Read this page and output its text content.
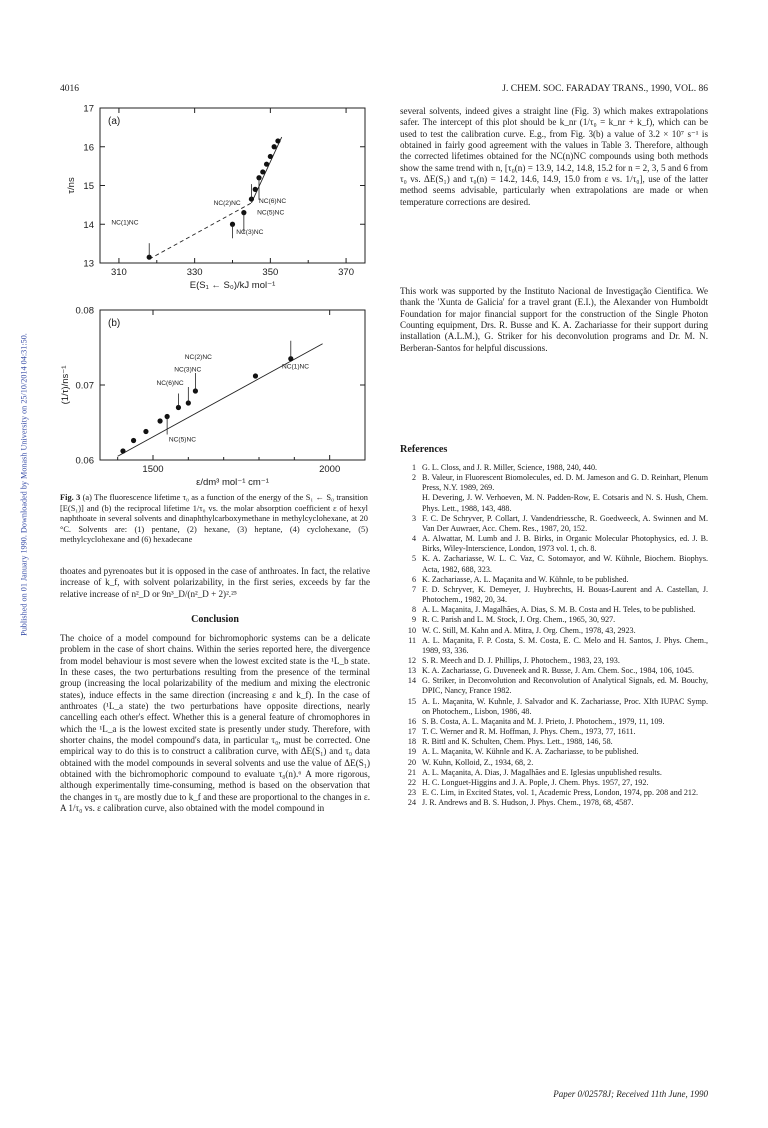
4016	J. CHEM. SOC. FARADAY TRANS., 1990, VOL. 86
Published on 01 January 1990. Downloaded by Monash University on 25/10/2014 04:31:50.
310	330	350	370
13
14
15
16
17
E(S₁ ← S₀)/kJ mol⁻¹
τ/ns
(a)
NC(1)NC
NC(2)NC
NC(3)NC
NC(5)NC
NC(6)NC
1500	2000
0.06
0.07
0.08
ε/dm³ mol⁻¹ cm⁻¹
(1/τ)/ns⁻¹
(b)
NC(1)NC
NC(2)NC
NC(3)NC
NC(5)NC
NC(6)NC
Fig. 3 (a) The fluorescence lifetime τ₀ as a function of the energy of the S₁ ← S₀ transition [E(S₁)] and (b) the reciprocal lifetime 1/τ₀ vs. the molar absorption coefficient ε of hexyl naphthoate in several solvents and dinaphthylcarboxymethane in methylcyclohexane, at 20 °C. Solvents are: (1) pentane, (2) hexane, (3) heptane, (4) cyclohexane, (5) methylcyclohexane and (6) hexadecane
thoates and pyrenoates but it is opposed in the case of anthroates. In fact, the relative increase of k_f, with solvent polarizability, in the first series, exceeds by far the relative increase of n²_D or 9n³_D/(n²_D + 2)².²⁵
Conclusion
The choice of a model compound for bichromophoric systems can be a delicate problem in the case of short chains. Within the series reported here, the divergence from model behaviour is most severe when the lowest excited state is the ¹L_b state. In these cases, the two perturbations resulting from the presence of the terminal group (increasing the local polarizability of the medium and mixing the electronic states), induce effects in the same direction (increasing ε and k_f). In the case of anthroates (¹L_a state) the two perturbations have opposite directions, nearly cancelling each other's effect. Whether this is a general feature of chromophores in which the ¹L_a is the lowest excited state is presently under study. Therefore, with shorter chains, the model compound's data, in particular τ₀, must be corrected. One empirical way to do this is to construct a calibration curve, with ΔE(S₁) and τ₀ data obtained with the model compounds in several solvents and use the value of ΔE(S₁) obtained with the bichromophoric compound to evaluate τ₀(n).⁶ A more rigorous, although experimentally time-consuming, method is based on the observation that the changes in τ₀ are mostly due to k_f and these are proportional to the changes in ε. A 1/τ₀ vs. ε calibration curve, also obtained with the model compound in
several solvents, indeed gives a straight line (Fig. 3) which makes extrapolations safer. The intercept of this plot should be k_nr (1/τ₀ = k_nr + k_f), which can be used to test the calibration curve. E.g., from Fig. 3(b) a value of 3.2 × 10⁷ s⁻¹ is obtained in fairly good agreement with the values in Table 3. Therefore, although the corrected lifetimes obtained for the NC(n)NC compounds using both methods show the same trend with n, [τ₀(n) = 13.9, 14.2, 14.8, 15.2 for n = 2, 3, 5 and 6 from τ₀ vs. ΔE(S₁) and τ₀(n) = 14.2, 14.6, 14.9, 15.0 from ε vs. 1/τ₀], use of the latter method seems advisable, particularly when extrapolations are made or when temperature corrections are desired.
This work was supported by the Instituto Nacional de Investigação Cientifica. We thank the 'Xunta de Galicia' for a travel grant (E.I.), the Alexander von Humboldt Foundation for major financial support for the construction of the Single Photon Counting equipment, Drs. R. Busse and K. A. Zachariasse for their support during installation (A.L.M.), G. Striker for his deconvolution programs and Dr. M. N. Berberan-Santos for helpful discussions.
References
1 G. L. Closs, and J. R. Miller, Science, 1988, 240, 440.
2 B. Valeur, in Fluorescent Biomolecules, ed. D. M. Jameson and G. D. Reinhart, Plenum Press, N.Y. 1989, 269.
H. Devering, J. W. Verhoeven, M. N. Padden-Row, E. Cotsaris and N. S. Hush, Chem. Phys. Lett., 1988, 143, 488.
3 F. C. De Schryver, P. Collart, J. Vandendriessche, R. Goedweeck, A. Swinnen and M. Van Der Auwraer, Acc. Chem. Res., 1987, 20, 152.
4 A. Alwattar, M. Lumb and J. B. Birks, in Organic Molecular Photophysics, ed. J. B. Birks, Wiley-Interscience, London, 1973 vol. 1, ch. 8.
5 K. A. Zachariasse, W. L. C. Vaz, C. Sotomayor, and W. Kühnle, Biochem. Biophys. Acta, 1982, 688, 323.
6 K. Zachariasse, A. L. Maçanita and W. Kühnle, to be published.
7 F. D. Schryver, K. Demeyer, J. Huybrechts, H. Bouas-Laurent and A. Castellan, J. Photochem., 1982, 20, 34.
8 A. L. Maçanita, J. Magalhães, A. Dias, S. M. B. Costa and H. Teles, to be published.
9 R. C. Parish and L. M. Stock, J. Org. Chem., 1965, 30, 927.
10 W. C. Still, M. Kahn and A. Mitra, J. Org. Chem., 1978, 43, 2923.
11 A. L. Maçanita, F. P. Costa, S. M. Costa, E. C. Melo and H. Santos, J. Phys. Chem., 1989, 93, 336.
12 S. R. Meech and D. J. Phillips, J. Photochem., 1983, 23, 193.
13 K. A. Zachariasse, G. Duveneek and R. Busse, J. Am. Chem. Soc., 1984, 106, 1045.
14 G. Striker, in Deconvolution and Reconvolution of Analytical Signals, ed. M. Bouchy, DPIC, Nancy, France 1982.
15 A. L. Maçanita, W. Kuhnle, J. Salvador and K. Zachariasse, Proc. XIth IUPAC Symp. on Photochem., Lisbon, 1986, 48.
16 S. B. Costa, A. L. Maçanita and M. J. Prieto, J. Photochem., 1979, 11, 109.
17 T. C. Werner and R. M. Hoffman, J. Phys. Chem., 1973, 77, 1611.
18 R. Bittl and K. Schulten, Chem. Phys. Lett., 1988, 146, 58.
19 A. L. Maçanita, W. Kühnle and K. A. Zachariasse, to be published.
20 W. Kuhn, Kolloid, Z., 1934, 68, 2.
21 A. L. Maçanita, A. Dias, J. Magalhães and E. Iglesias unpublished results.
22 H. C. Longuet-Higgins and J. A. Pople, J. Chem. Phys. 1957, 27, 192.
23 E. C. Lim, in Excited States, vol. 1, Academic Press, London, 1974, pp. 208 and 212.
24 J. R. Andrews and B. S. Hudson, J. Phys. Chem., 1978, 68, 4587.
Paper 0/02578J; Received 11th June, 1990
